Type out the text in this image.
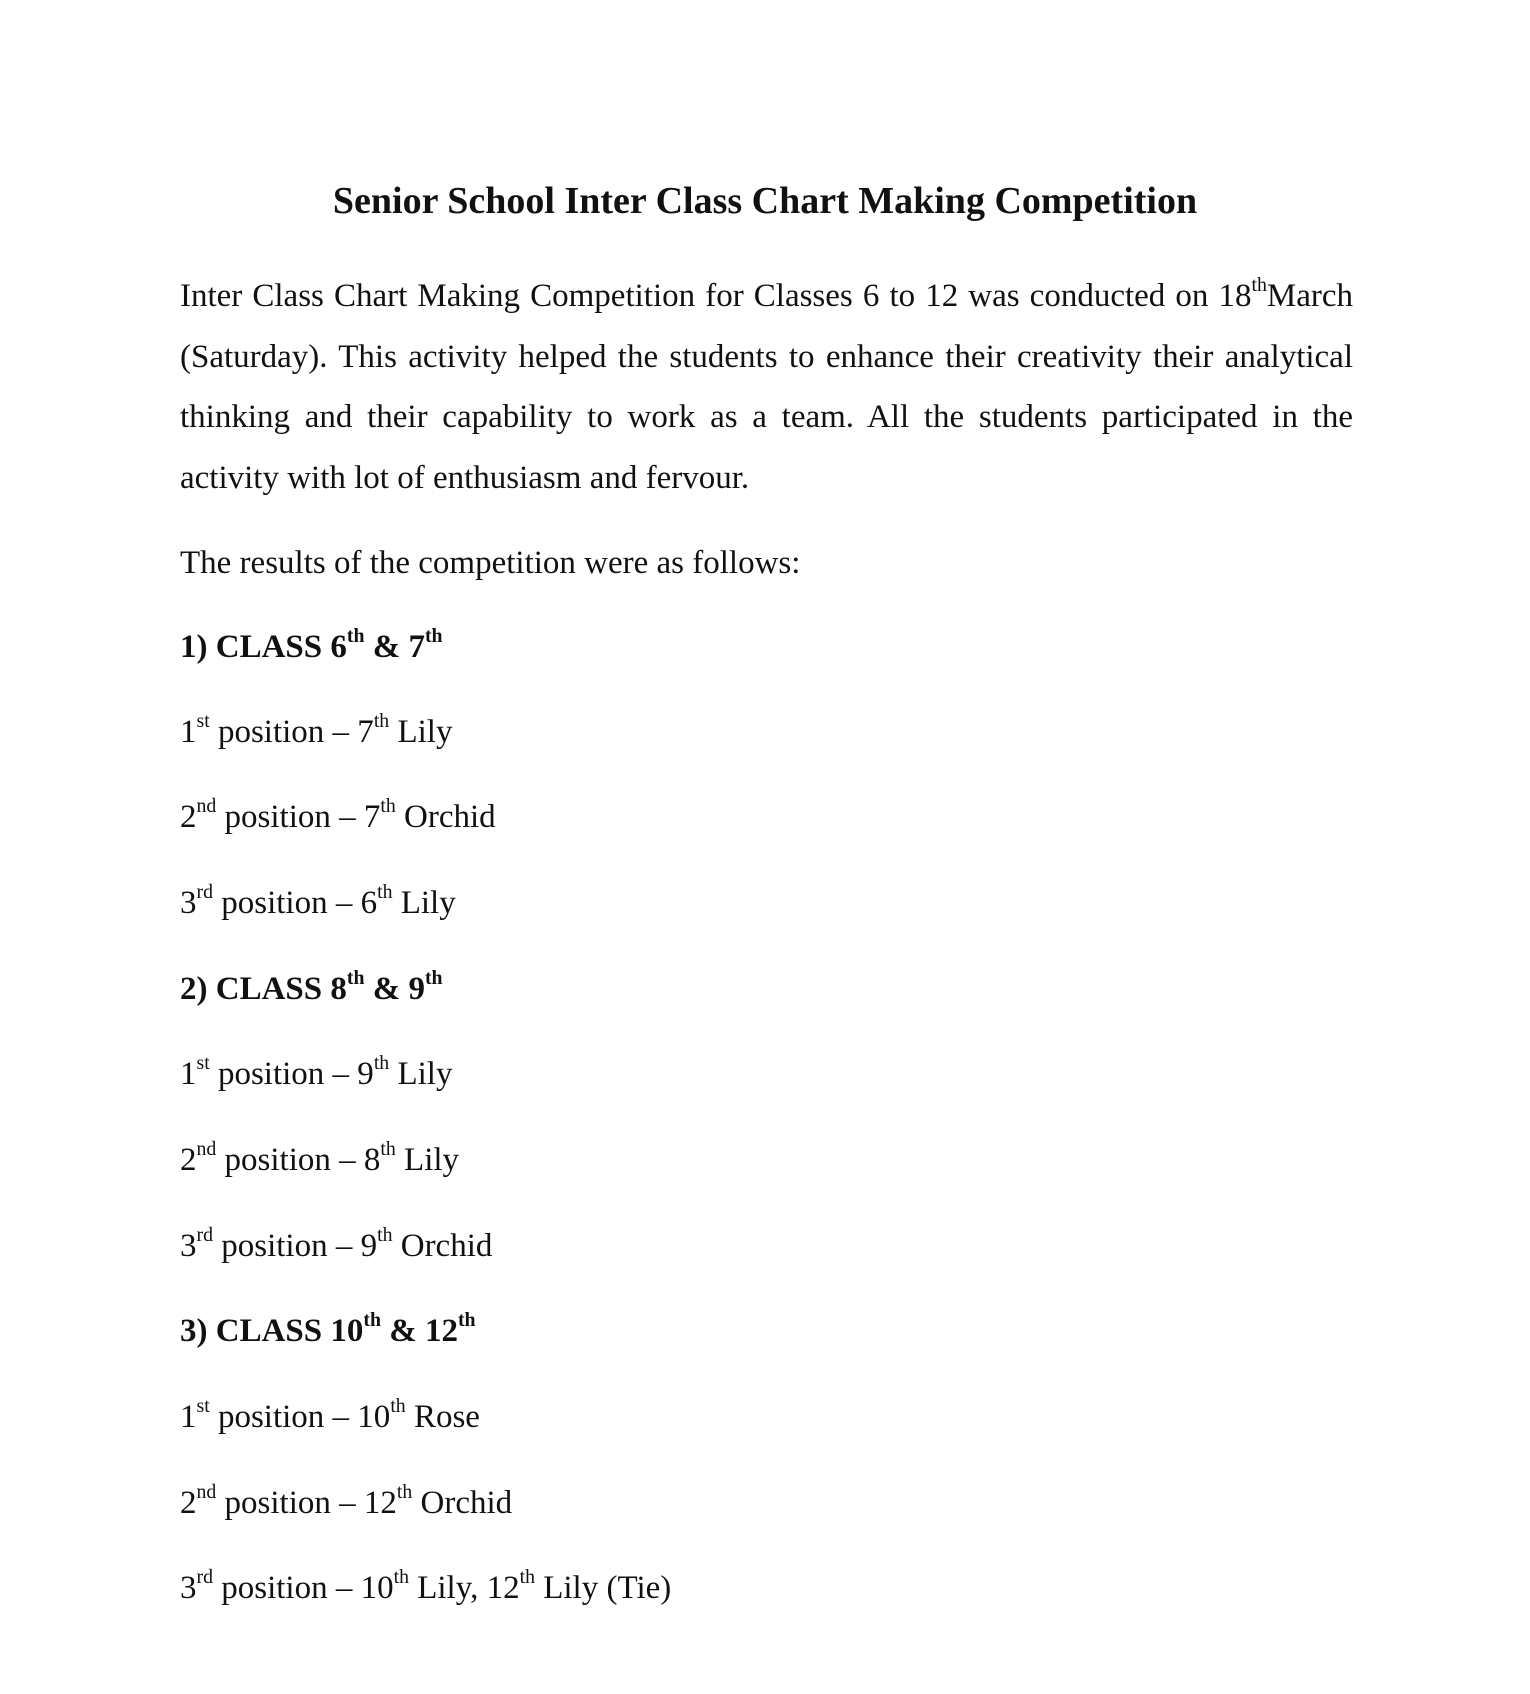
Senior School Inter Class Chart Making Competition

Inter Class Chart Making Competition for Classes 6 to 12 was conducted on 18thMarch (Saturday). This activity helped the students to enhance their creativity their analytical thinking and their capability to work as a team. All the students participated in the activity with lot of enthusiasm and fervour.

The results of the competition were as follows:

1) CLASS 6th & 7th

1st position – 7th Lily

2nd position – 7th Orchid

3rd position – 6th Lily

2) CLASS 8th & 9th

1st position – 9th Lily

2nd position – 8th Lily

3rd position – 9th Orchid

3) CLASS 10th & 12th

1st position – 10th Rose

2nd position – 12th Orchid

3rd position – 10th Lily, 12th Lily (Tie)
